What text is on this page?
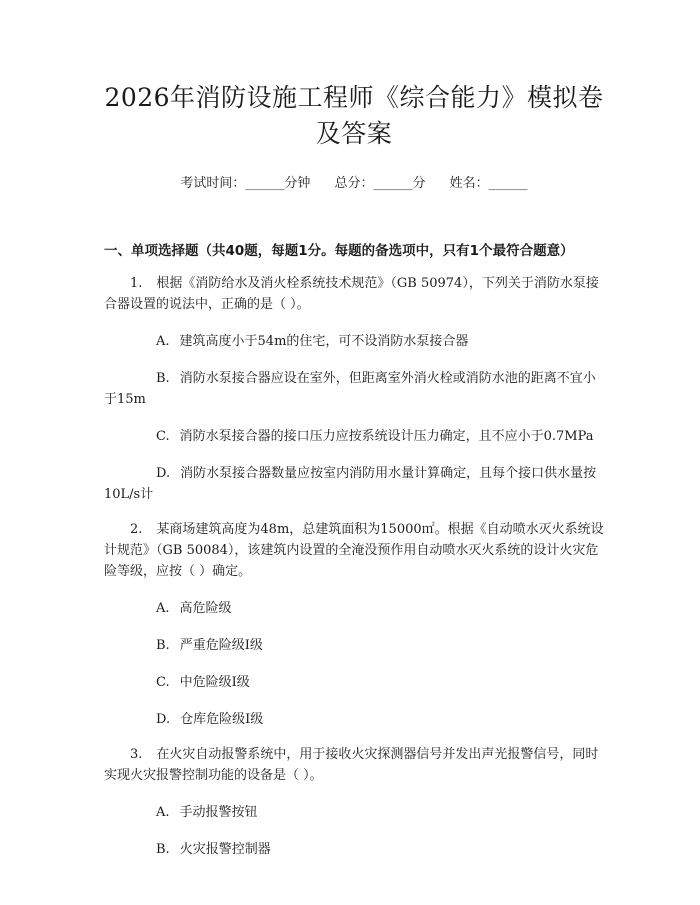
2026年消防设施工程师《综合能力》模拟卷
及答案
考试时间：______分钟 总分：______分 姓名：______
一、单项选择题（共40题，每题1分。每题的备选项中，只有1个最符合题意）
1. 根据《消防给水及消火栓系统技术规范》（GB 50974），下列关于消防水泵接合器设置的说法中，正确的是（ ）。
A. 建筑高度小于54m的住宅，可不设消防水泵接合器
B. 消防水泵接合器应设在室外，但距离室外消火栓或消防水池的距离不宜小于15m
C. 消防水泵接合器的接口压力应按系统设计压力确定，且不应小于0.7MPa
D. 消防水泵接合器数量应按室内消防用水量计算确定，且每个接口供水量按10L/s计
2. 某商场建筑高度为48m，总建筑面积为15000㎡。根据《自动喷水灭火系统设计规范》（GB 50084），该建筑内设置的全淹没预作用自动喷水灭火系统的设计火灾危险等级，应按（ ）确定。
A. 高危险级
B. 严重危险级Ⅰ级
C. 中危险级Ⅰ级
D. 仓库危险级Ⅰ级
3. 在火灾自动报警系统中，用于接收火灾探测器信号并发出声光报警信号，同时实现火灾报警控制功能的设备是（ ）。
A. 手动报警按钮
B. 火灾报警控制器
